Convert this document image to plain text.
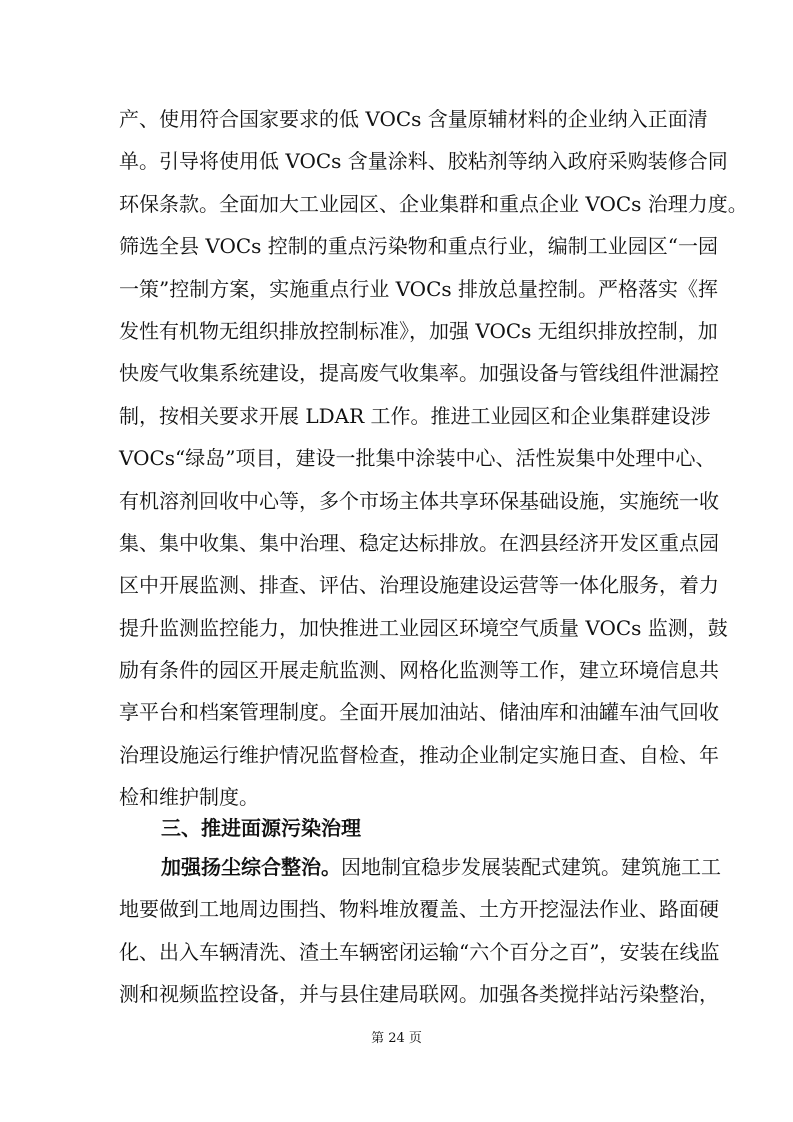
产、使用符合国家要求的低 VOCs 含量原辅材料的企业纳入正面清
单。引导将使用低 VOCs 含量涂料、胶粘剂等纳入政府采购装修合同
环保条款。全面加大工业园区、企业集群和重点企业 VOCs 治理力度。
筛选全县 VOCs 控制的重点污染物和重点行业，编制工业园区“一园
一策”控制方案，实施重点行业 VOCs 排放总量控制。严格落实《挥
发性有机物无组织排放控制标准》，加强 VOCs 无组织排放控制，加
快废气收集系统建设，提高废气收集率。加强设备与管线组件泄漏控
制，按相关要求开展 LDAR 工作。推进工业园区和企业集群建设涉
VOCs“绿岛”项目，建设一批集中涂装中心、活性炭集中处理中心、
有机溶剂回收中心等，多个市场主体共享环保基础设施，实施统一收
集、集中收集、集中治理、稳定达标排放。在泗县经济开发区重点园
区中开展监测、排查、评估、治理设施建设运营等一体化服务，着力
提升监测监控能力，加快推进工业园区环境空气质量 VOCs 监测，鼓
励有条件的园区开展走航监测、网格化监测等工作，建立环境信息共
享平台和档案管理制度。全面开展加油站、储油库和油罐车油气回收
治理设施运行维护情况监督检查，推动企业制定实施日查、自检、年
检和维护制度。
三、推进面源污染治理
加强扬尘综合整治。因地制宜稳步发展装配式建筑。建筑施工工
地要做到工地周边围挡、物料堆放覆盖、土方开挖湿法作业、路面硬
化、出入车辆清洗、渣土车辆密闭运输“六个百分之百”，安装在线监
测和视频监控设备，并与县住建局联网。加强各类搅拌站污染整治，
第 24 页
